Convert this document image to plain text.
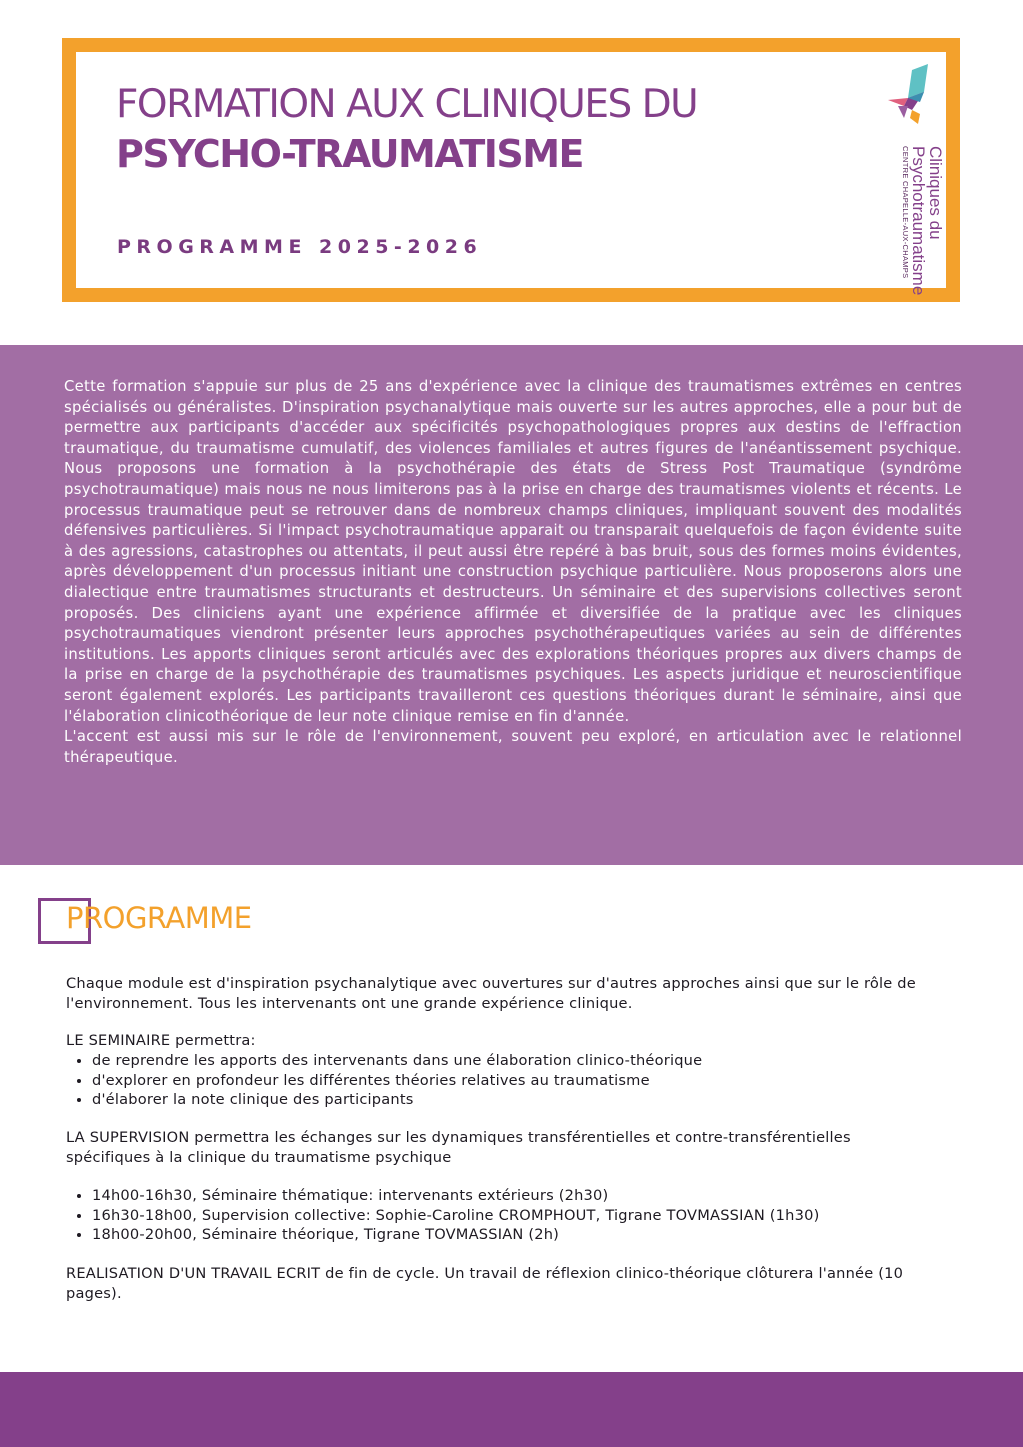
FORMATION AUX CLINIQUES DU
PSYCHO-TRAUMATISME
PROGRAMME 2025-2026
Cliniques du
Psychotraumatisme
CENTRE CHAPELLE-AUX-CHAMPS

Cette formation s'appuie sur plus de 25 ans d'expérience avec la clinique des traumatismes extrêmes en centres spécialisés ou généralistes. D'inspiration psychanalytique mais ouverte sur les autres approches, elle a pour but de permettre aux participants d'accéder aux spécificités psychopathologiques propres aux destins de l'effraction traumatique, du traumatisme cumulatif, des violences familiales et autres figures de l'anéantissement psychique. Nous proposons une formation à la psychothérapie des états de Stress Post Traumatique (syndrôme psychotraumatique) mais nous ne nous limiterons pas à la prise en charge des traumatismes violents et récents. Le processus traumatique peut se retrouver dans de nombreux champs cliniques, impliquant souvent des modalités défensives particulières. Si l'impact psychotraumatique apparait ou transparait quelquefois de façon évidente suite à des agressions, catastrophes ou attentats, il peut aussi être repéré à bas bruit, sous des formes moins évidentes, après développement d'un processus initiant une construction psychique particulière. Nous proposerons alors une dialectique entre traumatismes structurants et destructeurs. Un séminaire et des supervisions collectives seront proposés. Des cliniciens ayant une expérience affirmée et diversifiée de la pratique avec les cliniques psychotraumatiques viendront présenter leurs approches psychothérapeutiques variées au sein de différentes institutions. Les apports cliniques seront articulés avec des explorations théoriques propres aux divers champs de la prise en charge de la psychothérapie des traumatismes psychiques. Les aspects juridique et neuroscientifique seront également explorés. Les participants travailleront ces questions théoriques durant le séminaire, ainsi que l'élaboration clinicothéorique de leur note clinique remise en fin d'année.
L'accent est aussi mis sur le rôle de l'environnement, souvent peu exploré, en articulation avec le relationnel thérapeutique.

PROGRAMME

Chaque module est d'inspiration psychanalytique avec ouvertures sur d'autres approches ainsi que sur le rôle de l'environnement. Tous les intervenants ont une grande expérience clinique.

LE SEMINAIRE permettra:

• de reprendre les apports des intervenants dans une élaboration clinico-théorique
• d'explorer en profondeur les différentes théories relatives au traumatisme
• d'élaborer la note clinique des participants

LA SUPERVISION permettra les échanges sur les dynamiques transférentielles et contre-transférentielles spécifiques à la clinique du traumatisme psychique

• 14h00-16h30, Séminaire thématique: intervenants extérieurs (2h30)
• 16h30-18h00, Supervision collective: Sophie-Caroline CROMPHOUT, Tigrane TOVMASSIAN (1h30)
• 18h00-20h00, Séminaire théorique, Tigrane TOVMASSIAN (2h)

REALISATION D'UN TRAVAIL ECRIT de fin de cycle. Un travail de réflexion clinico-théorique clôturera l'année (10 pages).
